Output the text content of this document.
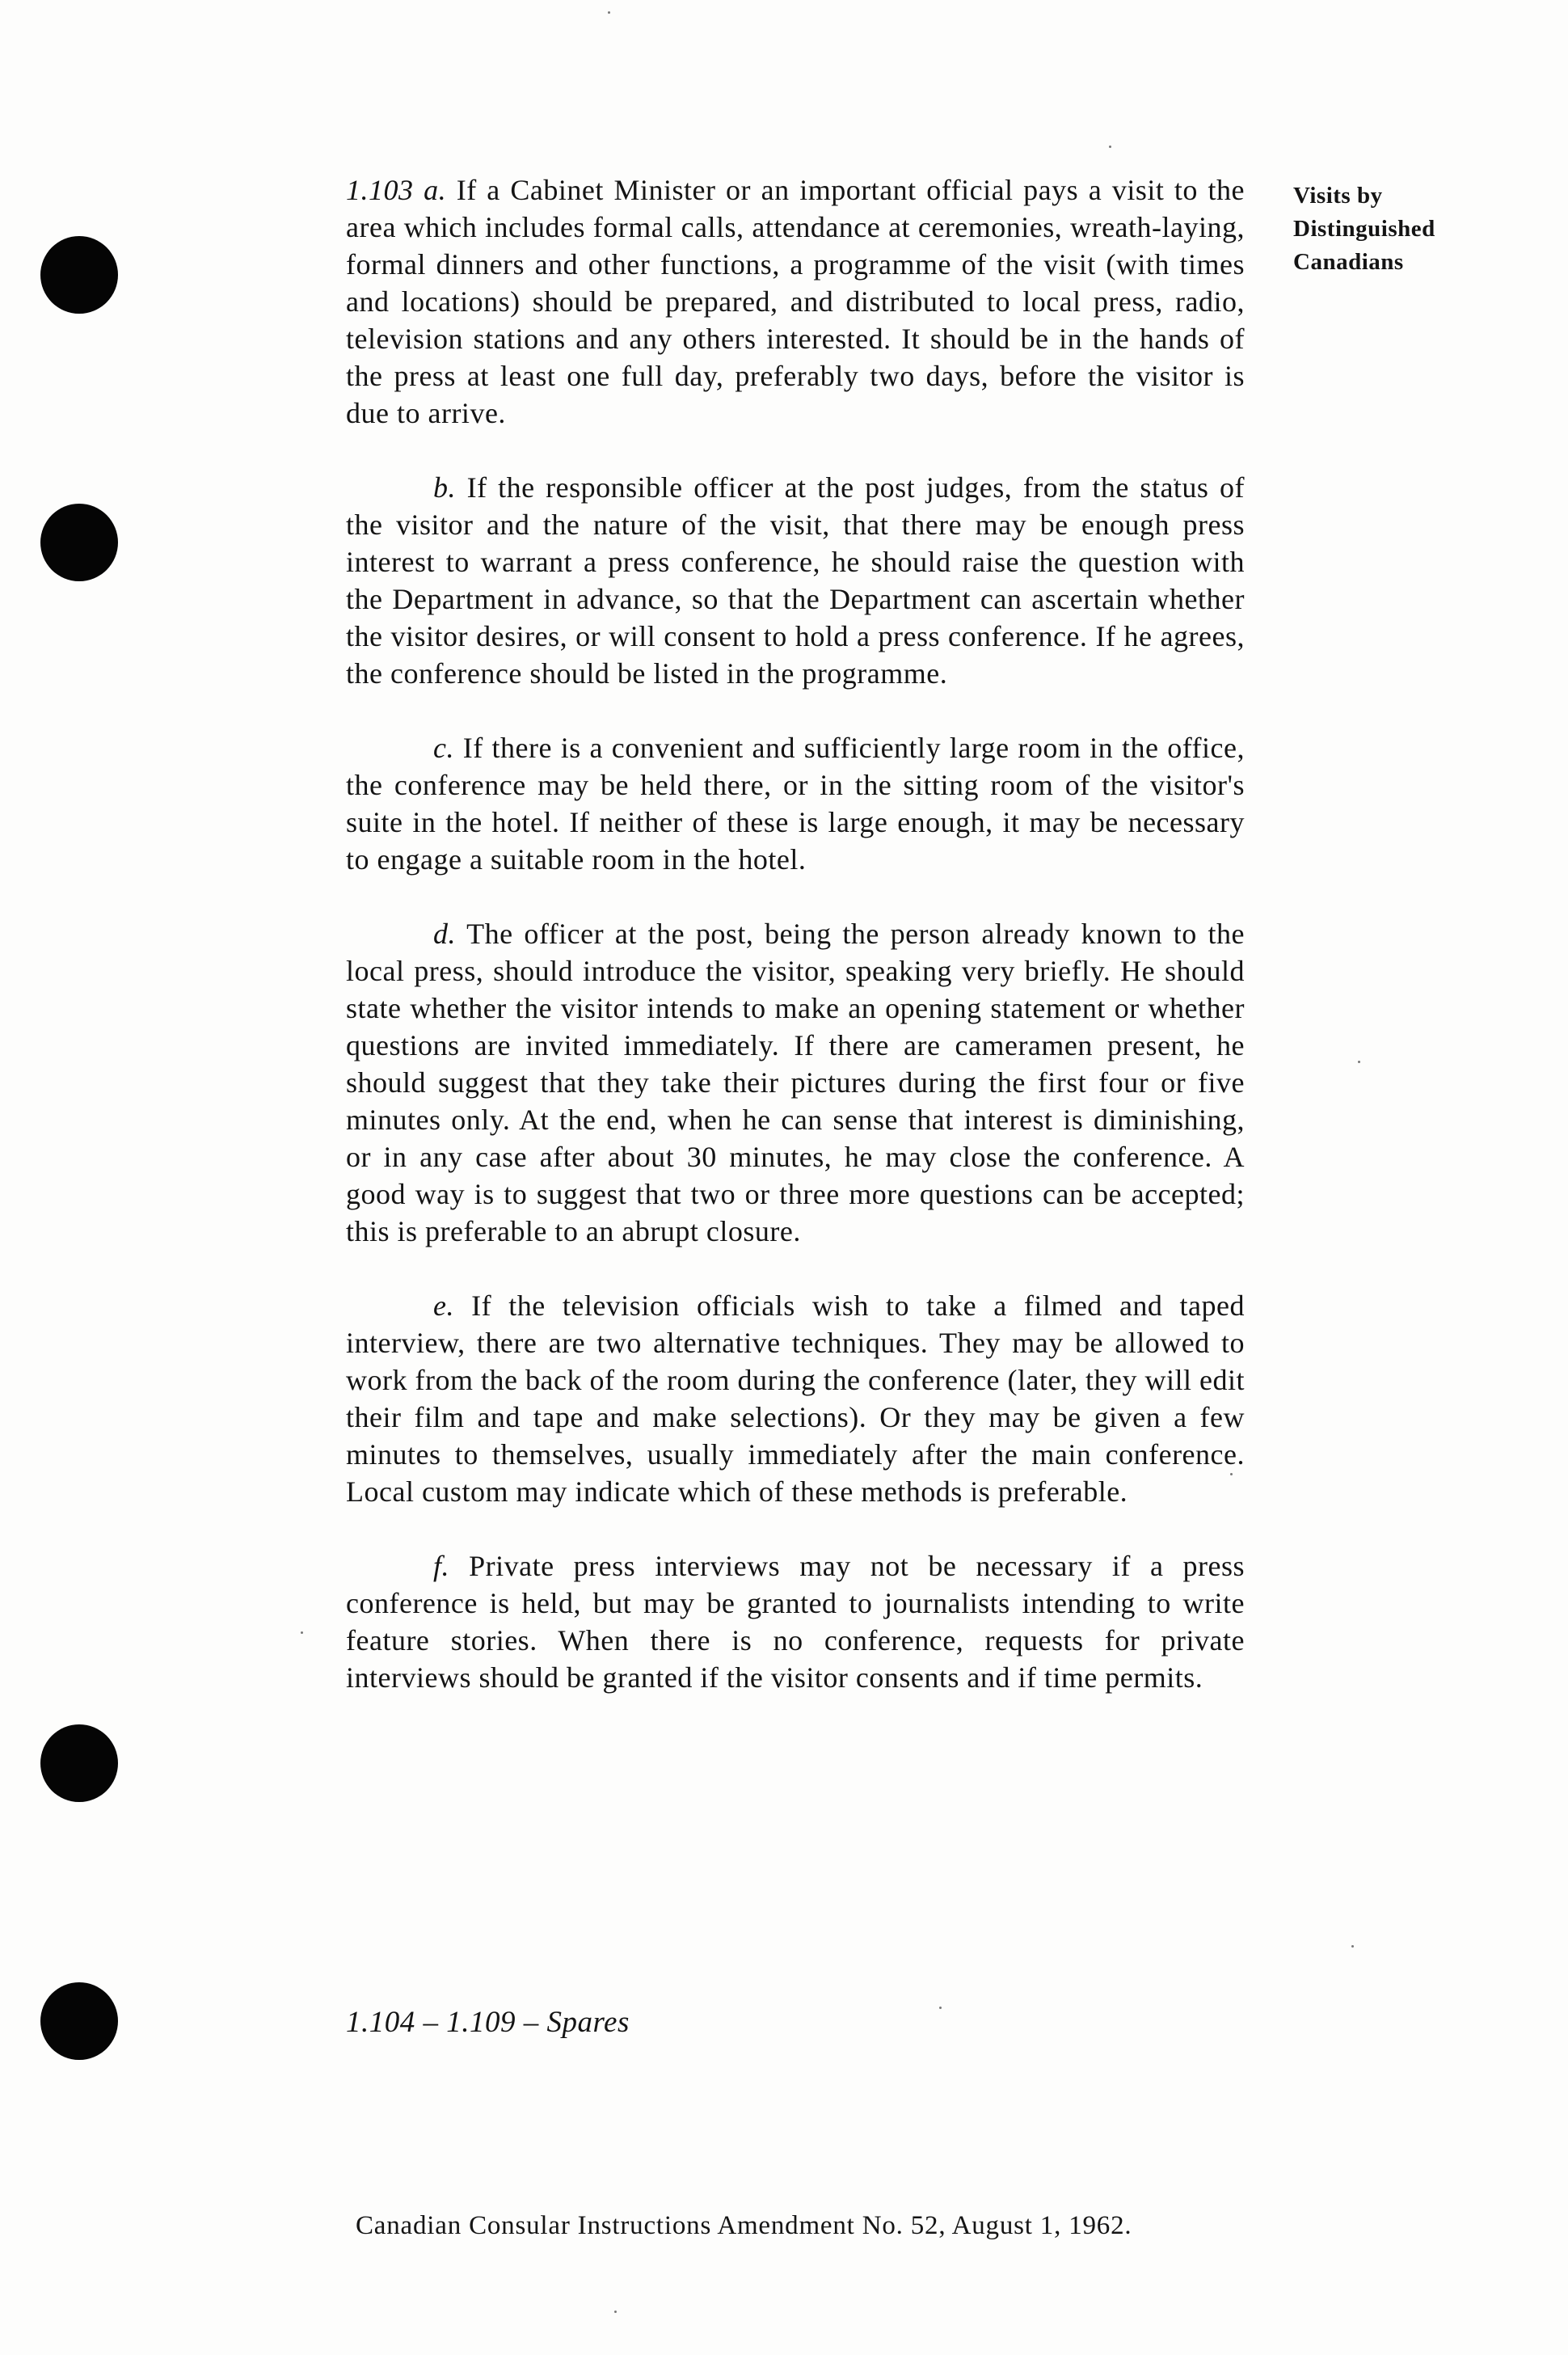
Visits by
Distinguished
Canadians

1.103 a. If a Cabinet Minister or an important official pays a visit to the area which includes formal calls, attendance at ceremonies, wreath-laying, formal dinners and other functions, a programme of the visit (with times and locations) should be prepared, and distributed to local press, radio, television stations and any others interested. It should be in the hands of the press at least one full day, preferably two days, before the visitor is due to arrive.

b. If the responsible officer at the post judges, from the status of the visitor and the nature of the visit, that there may be enough press interest to warrant a press conference, he should raise the question with the Department in advance, so that the Department can ascertain whether the visitor desires, or will consent to hold a press conference. If he agrees, the conference should be listed in the programme.

c. If there is a convenient and sufficiently large room in the office, the conference may be held there, or in the sitting room of the visitor's suite in the hotel. If neither of these is large enough, it may be necessary to engage a suitable room in the hotel.

d. The officer at the post, being the person already known to the local press, should introduce the visitor, speaking very briefly. He should state whether the visitor intends to make an opening statement or whether questions are invited immediately. If there are cameramen present, he should suggest that they take their pictures during the first four or five minutes only. At the end, when he can sense that interest is diminishing, or in any case after about 30 minutes, he may close the conference. A good way is to suggest that two or three more questions can be accepted; this is preferable to an abrupt closure.

e. If the television officials wish to take a filmed and taped interview, there are two alternative techniques. They may be allowed to work from the back of the room during the conference (later, they will edit their film and tape and make selections). Or they may be given a few minutes to themselves, usually immediately after the main conference. Local custom may indicate which of these methods is preferable.

f. Private press interviews may not be necessary if a press conference is held, but may be granted to journalists intending to write feature stories. When there is no conference, requests for private interviews should be granted if the visitor consents and if time permits.

1.104 – 1.109 – Spares
Canadian Consular Instructions Amendment No. 52, August 1, 1962.
